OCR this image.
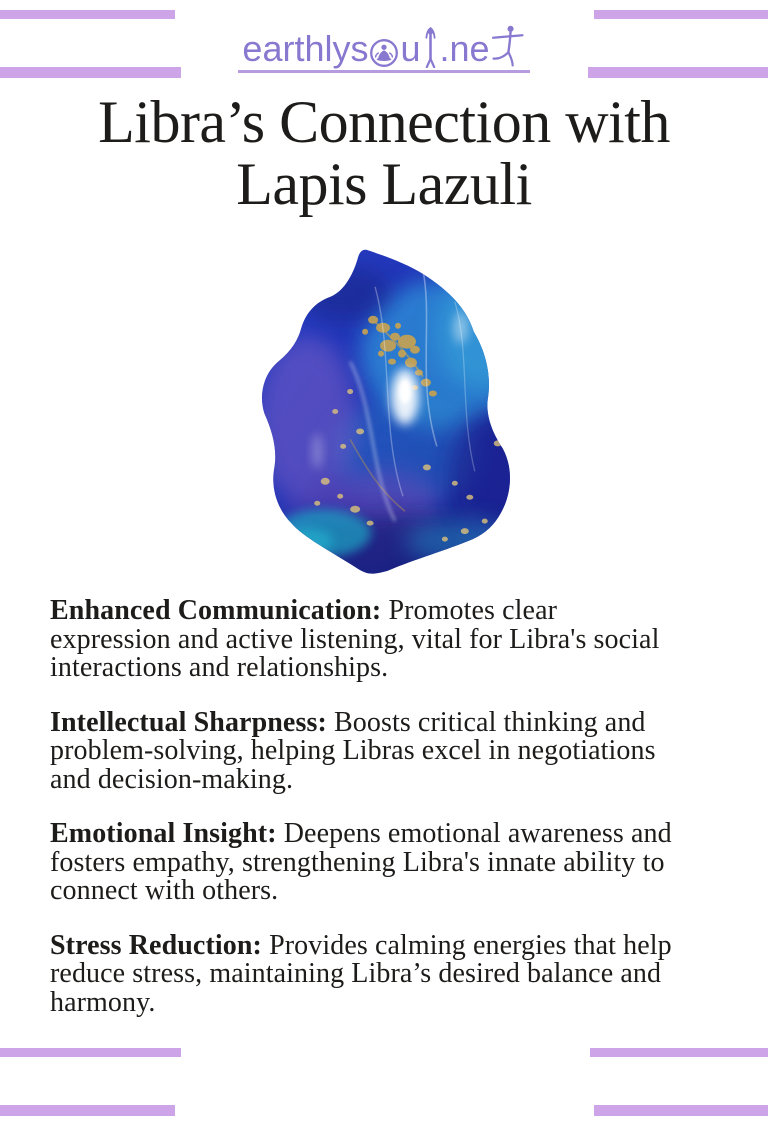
earthlys u .ne
Libra’s Connection with
Lapis Lazuli

Enhanced Communication: Promotes clear expression and active listening, vital for Libra's social interactions and relationships.

Intellectual Sharpness: Boosts critical thinking and problem-solving, helping Libras excel in negotiations and decision-making.

Emotional Insight: Deepens emotional awareness and fosters empathy, strengthening Libra's innate ability to connect with others.

Stress Reduction: Provides calming energies that help reduce stress, maintaining Libra’s desired balance and harmony.
